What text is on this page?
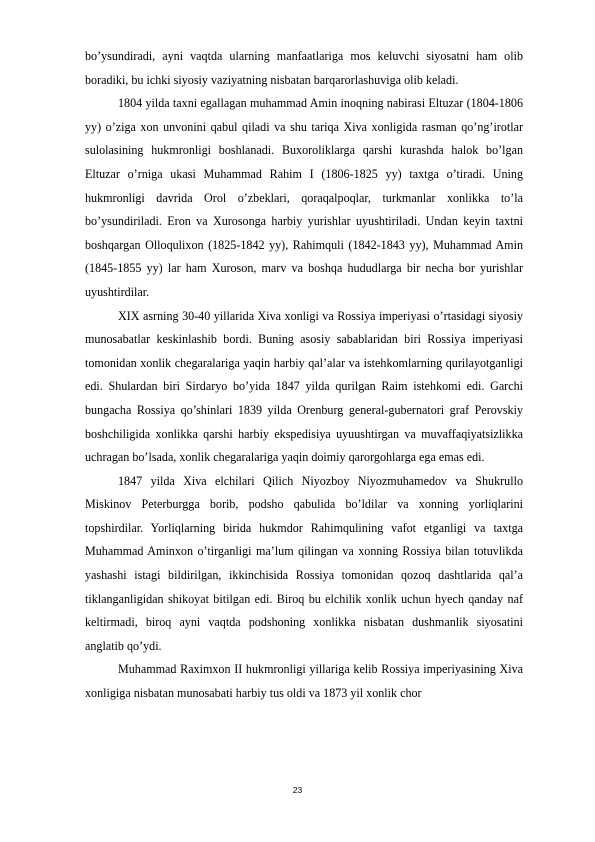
bo’ysundiradi, ayni vaqtda ularning manfaatlariga mos keluvchi siyosatni ham olib boradiki, bu ichki siyosiy vaziyatning nisbatan barqarorlashuviga olib keladi.

1804 yilda taxni egallagan muhammad Amin inoqning nabirasi Eltuzar (1804-1806 yy) o’ziga xon unvonini qabul qiladi va shu tariqa Xiva xonligida rasman qo’ng’irotlar sulolasining hukmronligi boshlanadi. Buxoroliklarga qarshi kurashda halok bo’lgan Eltuzar o’rniga ukasi Muhammad Rahim I (1806-1825 yy) taxtga o’tiradi. Uning hukmronligi davrida Orol o’zbeklari, qoraqalpoqlar, turkmanlar xonlikka to’la bo’ysundiriladi. Eron va Xurosonga harbiy yurishlar uyushtiriladi. Undan keyin taxtni boshqargan Olloqulixon (1825-1842 yy), Rahimquli (1842-1843 yy), Muhammad Amin (1845-1855 yy) lar ham Xuroson, marv va boshqa hududlarga bir necha bor yurishlar uyushtirdilar.

XIX asrning 30-40 yillarida Xiva xonligi va Rossiya imperiyasi o’rtasidagi siyosiy munosabatlar keskinlashib bordi. Buning asosiy sabablaridan biri Rossiya imperiyasi tomonidan xonlik chegaralariga yaqin harbiy qal’alar va istehkomlarning qurilayotganligi edi. Shulardan biri Sirdaryo bo’yida 1847 yilda qurilgan Raim istehkomi edi. Garchi bungacha Rossiya qo’shinlari 1839 yilda Orenburg general-gubernatori graf Perovskiy boshchiligida xonlikka qarshi harbiy ekspedisiya uyuushtirgan va muvaffaqiyatsizlikka uchragan bo’lsada, xonlik chegaralariga yaqin doimiy qarorgohlarga ega emas edi.

1847 yilda Xiva elchilari Qilich Niyozboy Niyozmuhamedov va Shukrullo Miskinov Peterburgga borib, podsho qabulida bo’ldilar va xonning yorliqlarini topshirdilar. Yorliqlarning birida hukmdor Rahimqulining vafot etganligi va taxtga Muhammad Aminxon o’tirganligi ma’lum qilingan va xonning Rossiya bilan totuvlikda yashashi istagi bildirilgan, ikkinchisida Rossiya tomonidan qozoq dashtlarida qal’a tiklanganligidan shikoyat bitilgan edi. Biroq bu elchilik xonlik uchun hyech qanday naf keltirmadi, biroq ayni vaqtda podshoning xonlikka nisbatan dushmanlik siyosatini anglatib qo’ydi.

Muhammad Raximxon II hukmronligi yillariga kelib Rossiya imperiyasining Xiva xonligiga nisbatan munosabati harbiy tus oldi va 1873 yil xonlik chor

23
